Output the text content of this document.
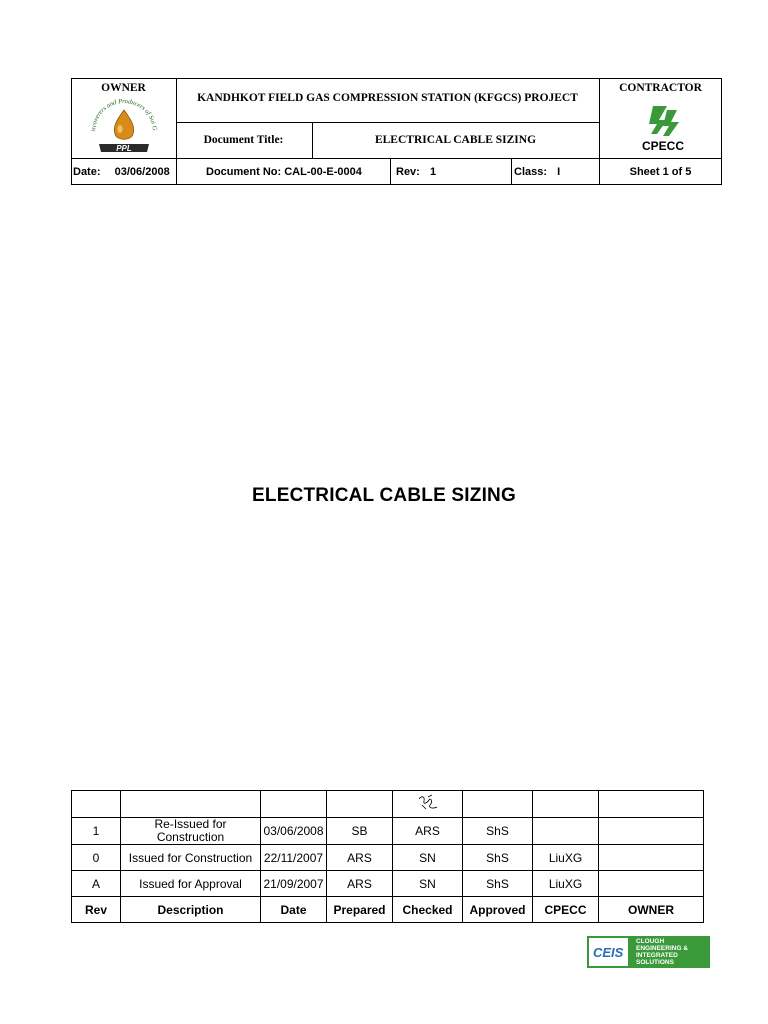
OWNER	CONTRACTOR
iscoverers and Producers of Sui G
PPL	CPECC
KANDHKOT FIELD GAS COMPRESSION STATION (KFGCS) PROJECT
Document Title:	ELECTRICAL CABLE SIZING
Date: 03/06/2008	Document No: CAL-00-E-0004	Rev: 1	Class: I	Sheet 1 of 5
ELECTRICAL CABLE SIZING

1	Re-Issued for Construction	03/06/2008	SB	ARS	ShS		
0	Issued for Construction	22/11/2007	ARS	SN	ShS	LiuXG	
A	Issued for Approval	21/09/2007	ARS	SN	ShS	LiuXG	
Rev	Description	Date	Prepared	Checked	Approved	CPECC	OWNER
CEIS
CLOUGH
ENGINEERING &
INTEGRATED
SOLUTIONS
